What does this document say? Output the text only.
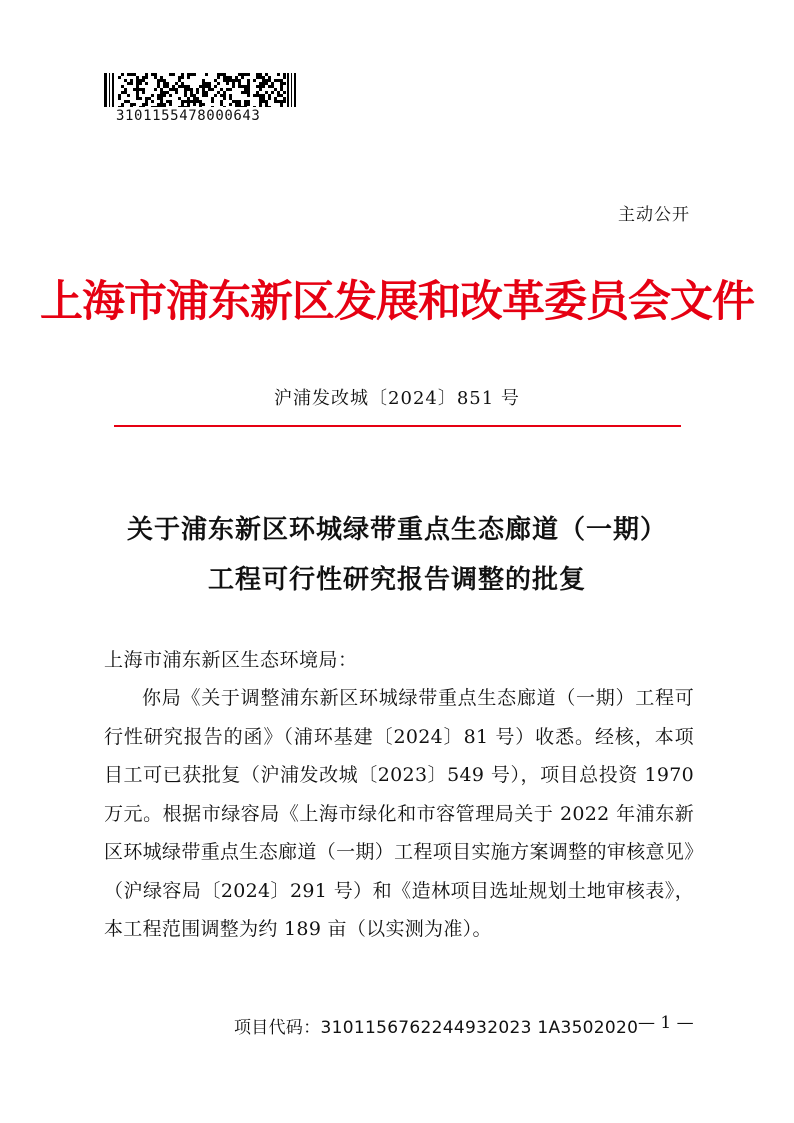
3101155478000643
主动公开
上海市浦东新区发展和改革委员会文件
沪浦发改城〔2024〕851 号
关于浦东新区环城绿带重点生态廊道（一期）
工程可行性研究报告调整的批复
上海市浦东新区生态环境局：
你局《关于调整浦东新区环城绿带重点生态廊道（一期）工程可行性研究报告的函》（浦环基建〔2024〕81 号）收悉。经核，本项目工可已获批复（沪浦发改城〔2023〕549 号），项目总投资 1970 万元。根据市绿容局《上海市绿化和市容管理局关于 2022 年浦东新区环城绿带重点生态廊道（一期）工程项目实施方案调整的审核意见》（沪绿容局〔2024〕291 号）和《造林项目选址规划土地审核表》，本工程范围调整为约 189 亩（以实测为准）。
项目代码：3101156762244932023 1A3502020 — 1 —
